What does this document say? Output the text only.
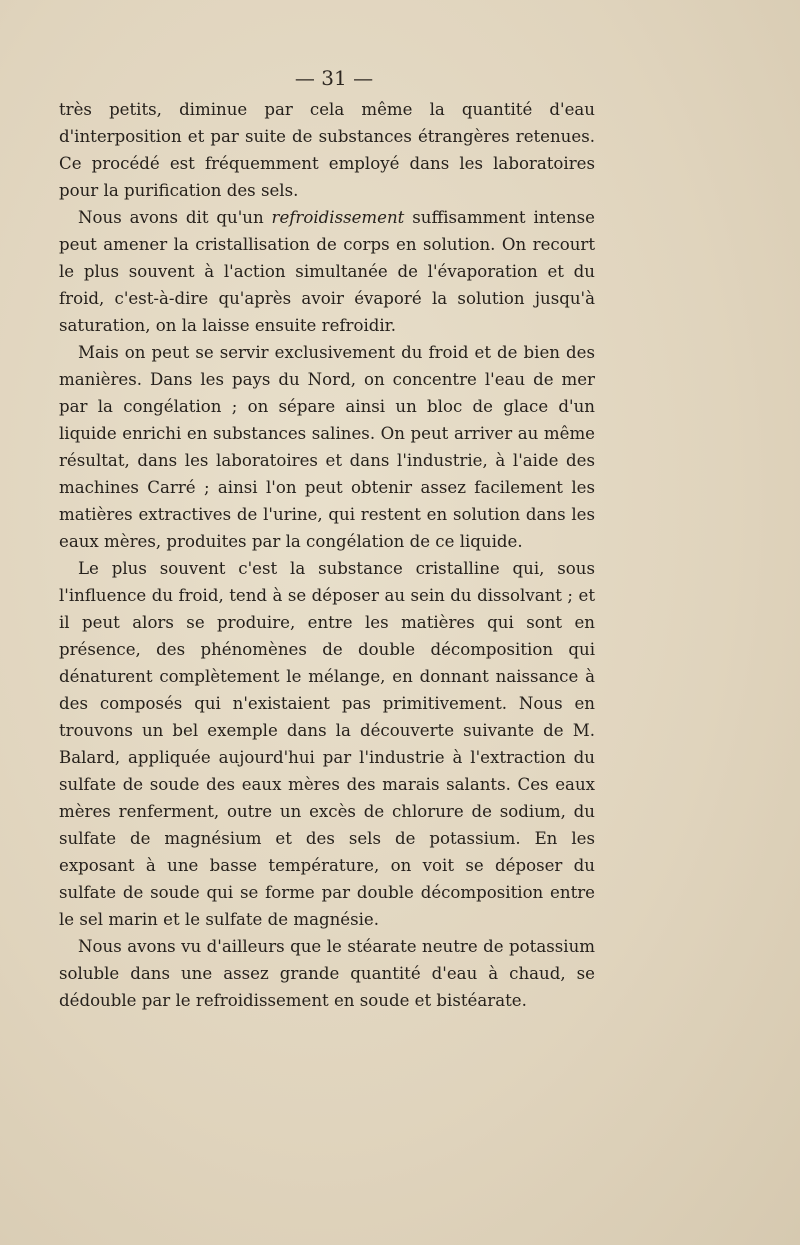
— 31 —

très petits, diminue par cela même la quantité d'eau d'interposition et par suite de substances étrangères retenues. Ce procédé est fréquemment employé dans les laboratoires pour la purification des sels.

Nous avons dit qu'un refroidissement suffisamment intense peut amener la cristallisation de corps en solution. On recourt le plus souvent à l'action simultanée de l'évaporation et du froid, c'est-à-dire qu'après avoir évaporé la solution jusqu'à saturation, on la laisse ensuite refroidir.

Mais on peut se servir exclusivement du froid et de bien des manières. Dans les pays du Nord, on concentre l'eau de mer par la congélation ; on sépare ainsi un bloc de glace d'un liquide enrichi en substances salines. On peut arriver au même résultat, dans les laboratoires et dans l'industrie, à l'aide des machines Carré ; ainsi l'on peut obtenir assez facilement les matières extractives de l'urine, qui restent en solution dans les eaux mères, produites par la congélation de ce liquide.

Le plus souvent c'est la substance cristalline qui, sous l'influence du froid, tend à se déposer au sein du dissolvant ; et il peut alors se produire, entre les matières qui sont en présence, des phénomènes de double décomposition qui dénaturent complètement le mélange, en donnant naissance à des composés qui n'existaient pas primitivement. Nous en trouvons un bel exemple dans la découverte suivante de M. Balard, appliquée aujourd'hui par l'industrie à l'extraction du sulfate de soude des eaux mères des marais salants. Ces eaux mères renferment, outre un excès de chlorure de sodium, du sulfate de magnésium et des sels de potassium. En les exposant à une basse température, on voit se déposer du sulfate de soude qui se forme par double décomposition entre le sel marin et le sulfate de magnésie.

Nous avons vu d'ailleurs que le stéarate neutre de potassium soluble dans une assez grande quantité d'eau à chaud, se dédouble par le refroidissement en soude et bistéarate.
